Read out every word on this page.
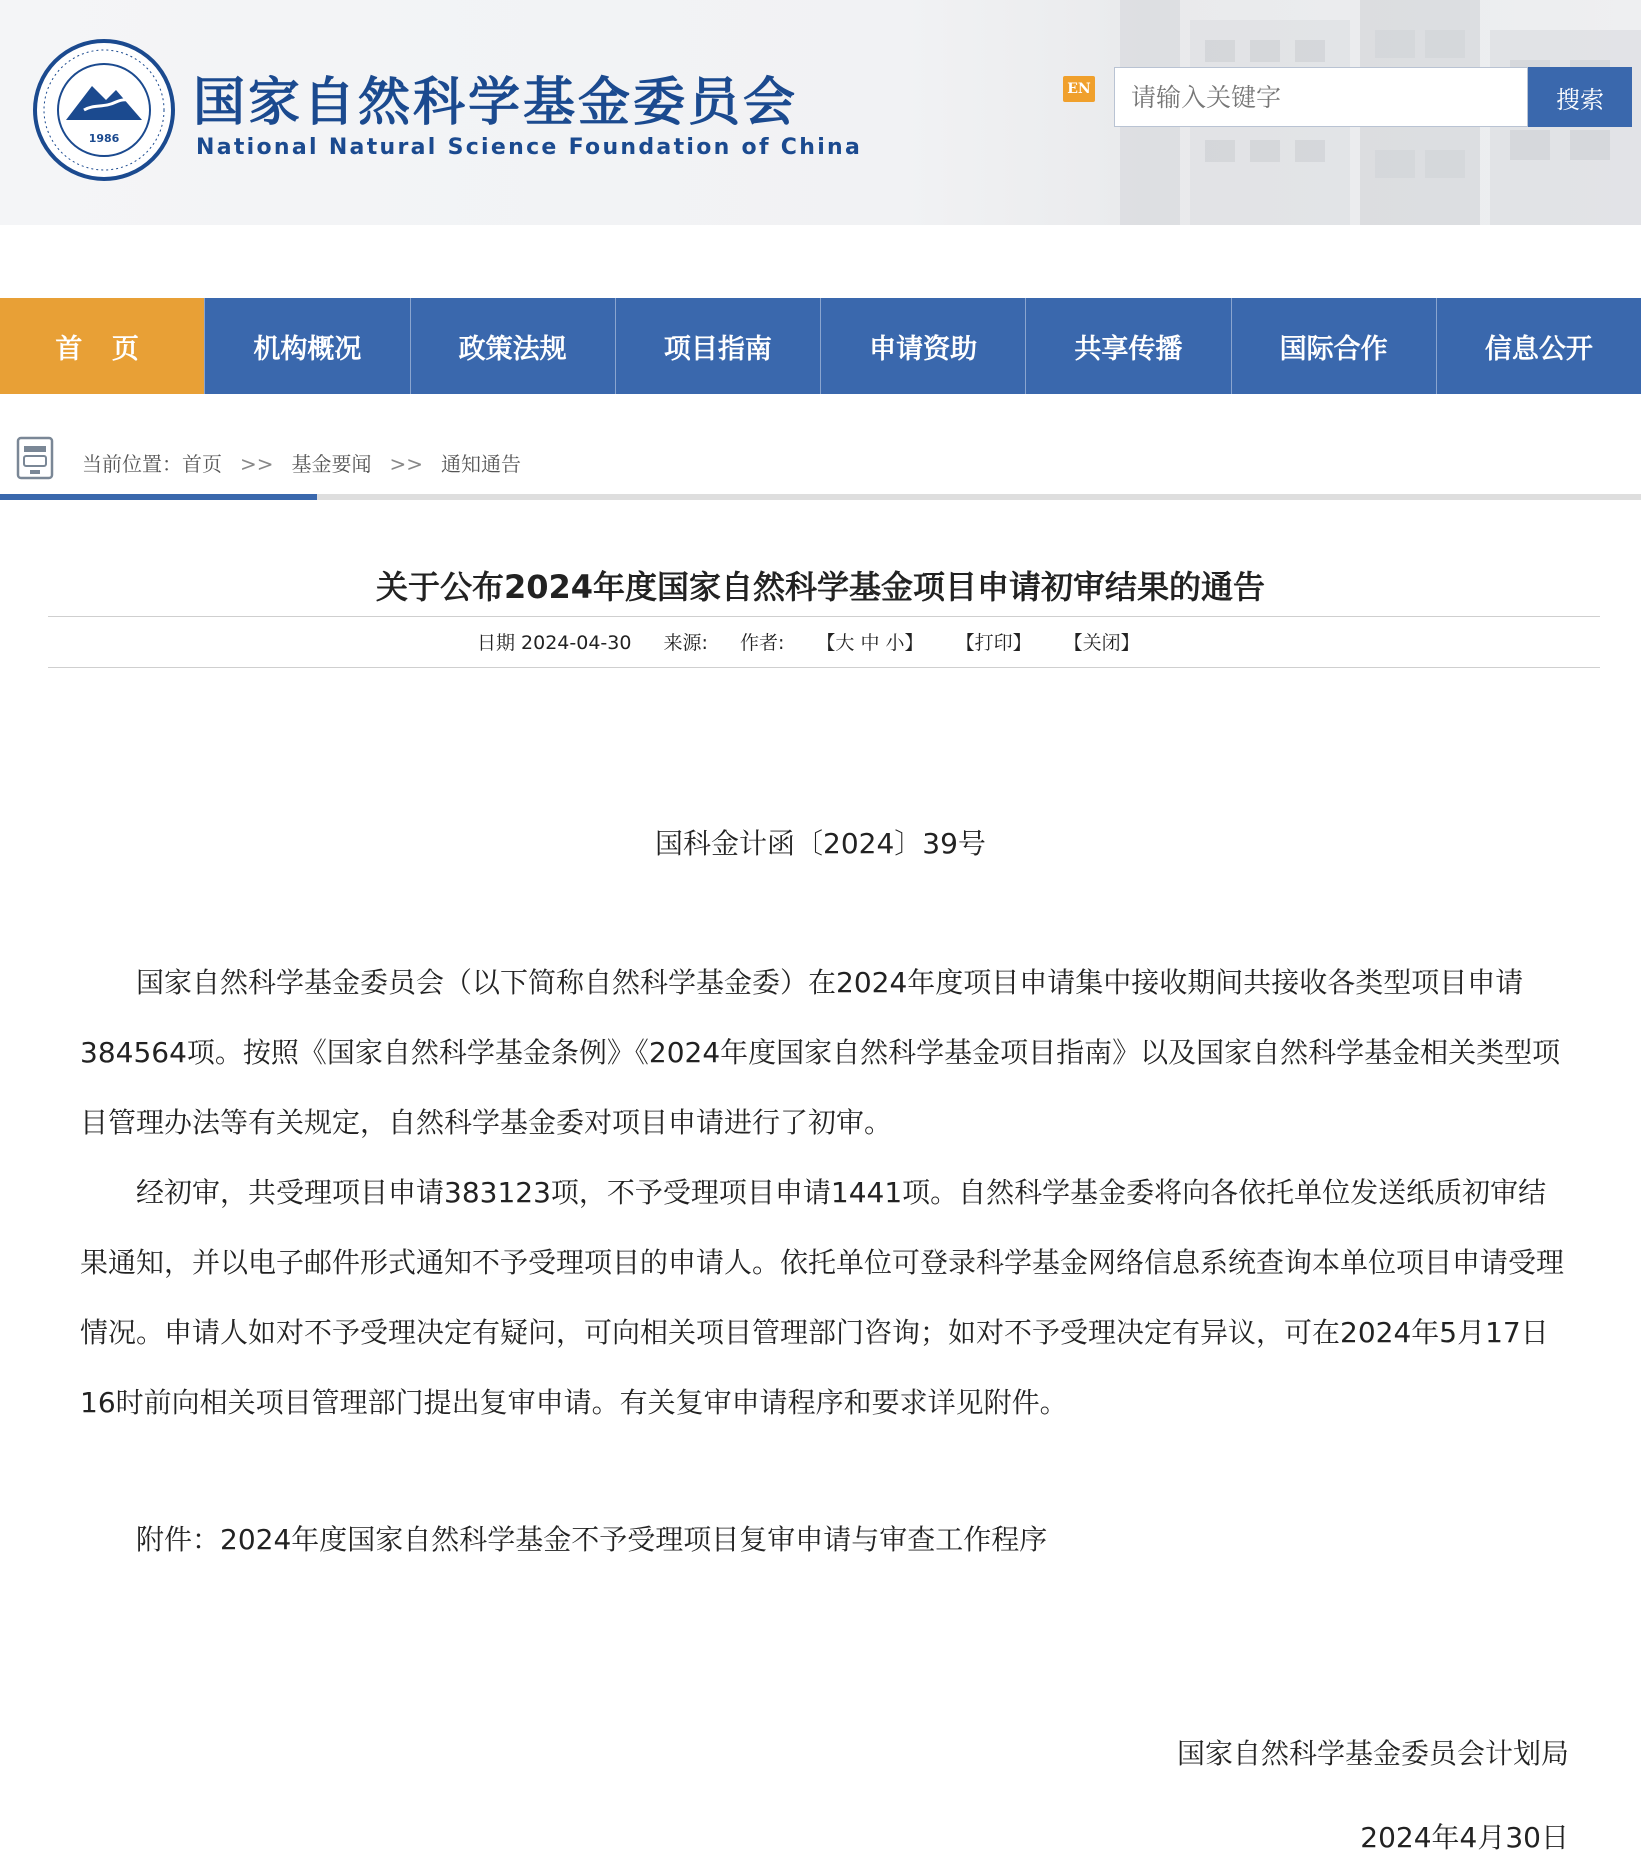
1986
国家自然科学基金委员会
National Natural Science Foundation of China
EN
请输入关键字	搜索
首 页	机构概况	政策法规	项目指南	申请资助	共享传播	国际合作	信息公开
当前位置：首页 >> 基金要闻 >> 通知通告
关于公布2024年度国家自然科学基金项目申请初审结果的通告
日期 2024-04-30 来源: 作者: 【大 中 小】 【打印】 【关闭】
国科金计函〔2024〕39号

国家自然科学基金委员会（以下简称自然科学基金委）在2024年度项目申请集中接收期间共接收各类型项目申请384564项。按照《国家自然科学基金条例》《2024年度国家自然科学基金项目指南》以及国家自然科学基金相关类型项目管理办法等有关规定，自然科学基金委对项目申请进行了初审。

经初审，共受理项目申请383123项，不予受理项目申请1441项。自然科学基金委将向各依托单位发送纸质初审结果通知，并以电子邮件形式通知不予受理项目的申请人。依托单位可登录科学基金网络信息系统查询本单位项目申请受理情况。申请人如对不予受理决定有疑问，可向相关项目管理部门咨询；如对不予受理决定有异议，可在2024年5月17日16时前向相关项目管理部门提出复审申请。有关复审申请程序和要求详见附件。

附件：2024年度国家自然科学基金不予受理项目复审申请与审查工作程序
国家自然科学基金委员会计划局
2024年4月30日
